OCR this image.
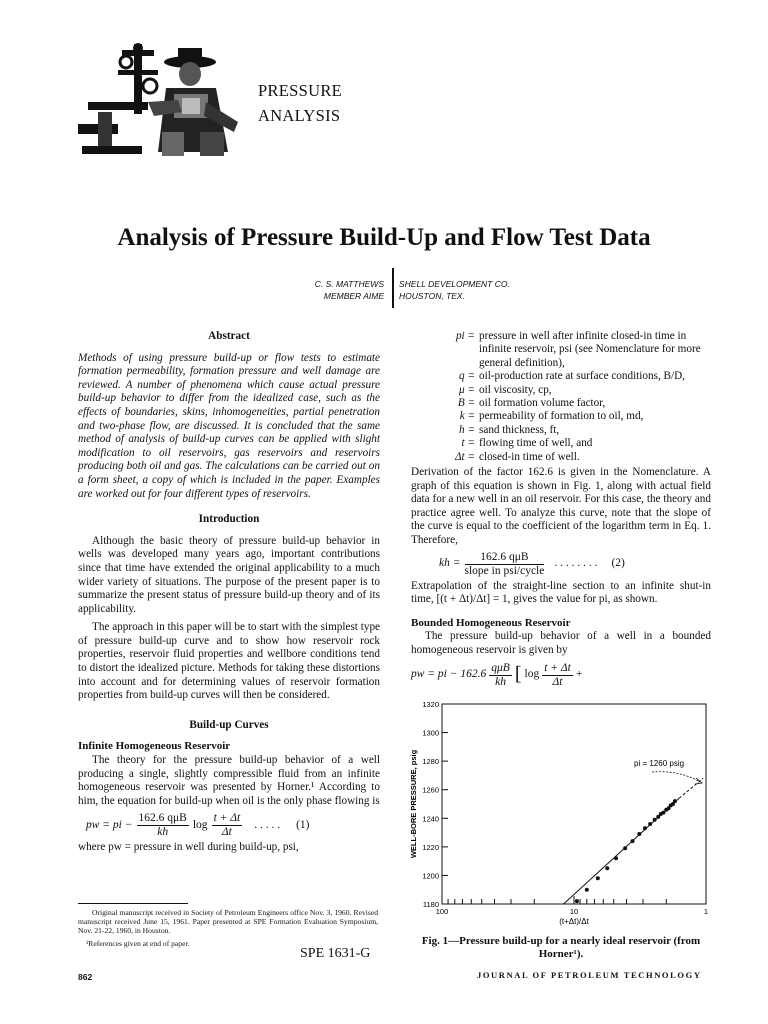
PRESSURE
ANALYSIS
Analysis of Pressure Build-Up and Flow Test Data
C. S. MATTHEWS
MEMBER AIME
SHELL DEVELOPMENT CO.
HOUSTON, TEX.
Abstract
Methods of using pressure build-up or flow tests to estimate formation permeability, formation pressure and well damage are reviewed. A number of phenomena which cause actual pressure build-up behavior to differ from the idealized case, such as the effects of boundaries, skins, inhomogeneities, partial penetration and two-phase flow, are discussed. It is concluded that the same method of analysis of build-up curves can be applied with slight modification to oil reservoirs, gas reservoirs and reservoirs producing both oil and gas. The calculations can be carried out on a form sheet, a copy of which is included in the paper. Examples are worked out for four different types of reservoirs.
Introduction
Although the basic theory of pressure build-up behavior in wells was developed many years ago, important contributions since that time have extended the original applicability to a much wider variety of situations. The purpose of the present paper is to summarize the present status of pressure build-up theory and of its applicability.
The approach in this paper will be to start with the simplest type of pressure build-up curve and to show how reservoir rock properties, reservoir fluid properties and wellbore conditions tend to distort the idealized picture. Methods for taking these distortions into account and for determining values of reservoir formation properties from build-up curves will then be considered.
Build-up Curves
Infinite Homogeneous Reservoir
The theory for the pressure build-up behavior of a well producing a single, slightly compressible fluid from an infinite homogeneous reservoir was presented by Horner.¹ According to him, the equation for build-up when oil is the only phase flowing is
pw = pi − $\frac{\text{162.6 qμB}}{kh}$ $\log \frac{t + \Delta t}{\Delta t}$ . . . . . (1)
where pw = pressure in well during build-up, psi,
Original manuscript received in Society of Petroleum Engineers office Nov. 3, 1960. Revised manuscript received June 15, 1961. Paper presented at SPE Formation Evaluation Symposium, Nov. 21-22, 1960, in Houston.
¹References given at end of paper.
SPE 1631-G
862
pi = pressure in well after infinite closed-in time in infinite reservoir, psi (see Nomenclature for more general definition),
q = oil-production rate at surface conditions, B/D,
μ = oil viscosity, cp,
B = oil formation volume factor,
k = permeability of formation to oil, md,
h = sand thickness, ft,
t = flowing time of well, and
Δt = closed-in time of well.
Derivation of the factor 162.6 is given in the Nomenclature. A graph of this equation is shown in Fig. 1, along with actual field data for a new well in an oil reservoir. For this case, the theory and practice agree well. To analyze this curve, note that the slope of the curve is equal to the coefficient of the logarithm term in Eq. 1. Therefore,
kh = $\frac{\text{162.6 qμB}}{\text{slope in psi/cycle}}$ . . . . . . . . (2)
Extrapolation of the straight-line section to an infinite shut-in time, [(t + Δt)/Δt] = 1, gives the value for pi, as shown.
Bounded Homogeneous Reservoir
The pressure build-up behavior of a well in a bounded homogeneous reservoir is given by
pw = pi − $162.6 \frac{\text{qμB}}{kh}$ [ $\log \frac{t + \Delta t}{\Delta t}$ +
1180
1200
1220
1240
1260
1280
1300
1320
100	10	1
WELL-BORE PRESSURE, psig
(t+Δt)/Δt
pi = 1260 psig
Fig. 1—Pressure build-up for a nearly ideal reservoir (from Horner¹).
JOURNAL OF PETROLEUM TECHNOLOGY
